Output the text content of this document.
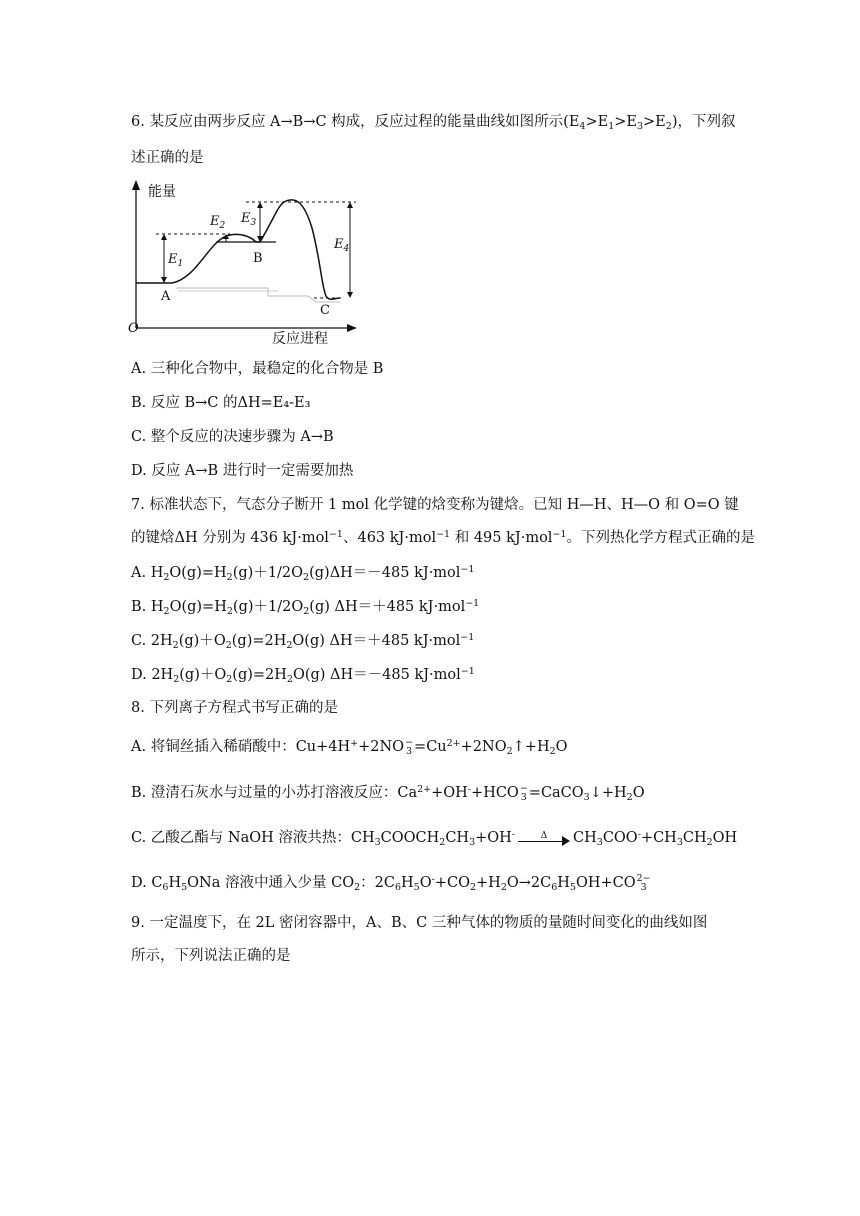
6. 某反应由两步反应 A→B→C 构成，反应过程的能量曲线如图所示$(E_4>E_1>E_3>E_2)$，下列叙
述正确的是
能量
O
反应进程
$E_1$
$E_2$ $E_3$
$E_4$
A
B
C
A. 三种化合物中，最稳定的化合物是 B
B. 反应 B→C 的ΔH=E₄-E₃
C. 整个反应的决速步骤为 A→B
D. 反应 A→B 进行时一定需要加热
7. 标准状态下，气态分子断开 1 mol 化学键的焓变称为键焓。已知 H—H、H—O 和 O=O 键
的键焓ΔH 分别为 436 kJ·mol$^{-1}$、463 kJ·mol$^{-1}$ 和 495 kJ·mol$^{-1}$。下列热化学方程式正确的是
A. $H_2O(g)=H_2(g)+1/2O_2(g)\Delta H=-485$ kJ·mol$^{-1}$
B. $H_2O(g)=H_2(g)+1/2O_2(g)$ ΔH＝＋485 kJ·mol$^{-1}$
C. $2H_2(g)+O_2(g)=2H_2O(g)$ ΔH＝＋485 kJ·mol$^{-1}$
D. $2H_2(g)+O_2(g)=2H_2O(g)$ ΔH＝－485 kJ·mol$^{-1}$
8. 下列离子方程式书写正确的是
A. 将铜丝插入稀硝酸中：Cu+4H++2NO −
$3 =Cu^{2+}+2NO_2↑+H_2O$
B. 澄清石灰水与过量的小苏打溶液反应：$Ca^{2+}+OH^-+HCO$ −
$3 =CaCO_3↓+H_2O$
C. 乙酸乙酯与 NaOH 溶液共热：$CH_3COOCH_2CH_3+OH^-$	Δ	$CH_3COO^-+CH_3CH_2OH$
D. $C_6H_5ONa$ 溶液中通入少量 $CO_2$：$2C_6H_5O^-+CO_2+H_2O\to 2C_6H_5OH+CO$ 2−
3
9. 一定温度下，在 2L 密闭容器中，A、B、C 三种气体的物质的量随时间变化的曲线如图
所示，下列说法正确的是
